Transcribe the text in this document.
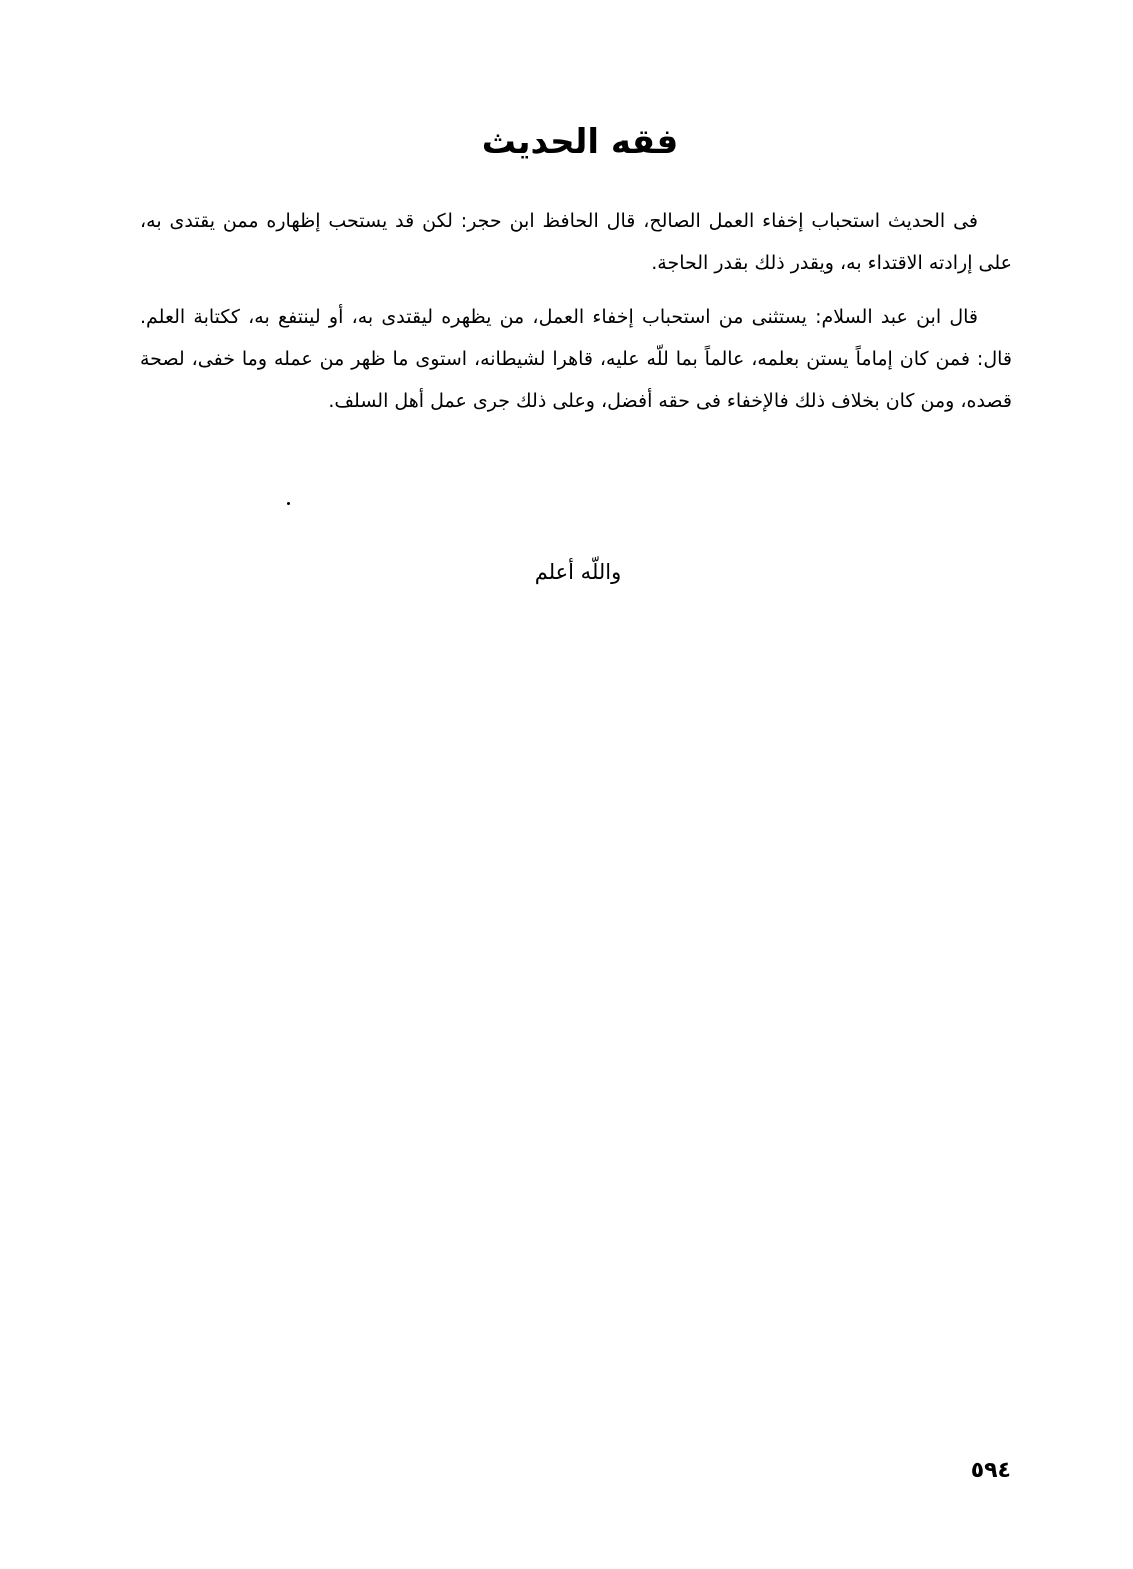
فقه الحديث

فى الحديث استحباب إخفاء العمل الصالح، قال الحافظ ابن حجر: لكن قد يستحب إظهاره ممن يقتدى به، على إرادته الاقتداء به، ويقدر ذلك بقدر الحاجة.

قال ابن عبد السلام: يستثنى من استحباب إخفاء العمل، من يظهره ليقتدى به، أو لينتفع به، ككتابة العلم. قال: فمن كان إماماً يستن بعلمه، عالماً بما للّه عليه، قاهرا لشيطانه، استوى ما ظهر من عمله وما خفى، لصحة قصده، ومن كان بخلاف ذلك فالإخفاء فى حقه أفضل، وعلى ذلك جرى عمل أهل السلف.

واللّه أعلم

٥٩٤
